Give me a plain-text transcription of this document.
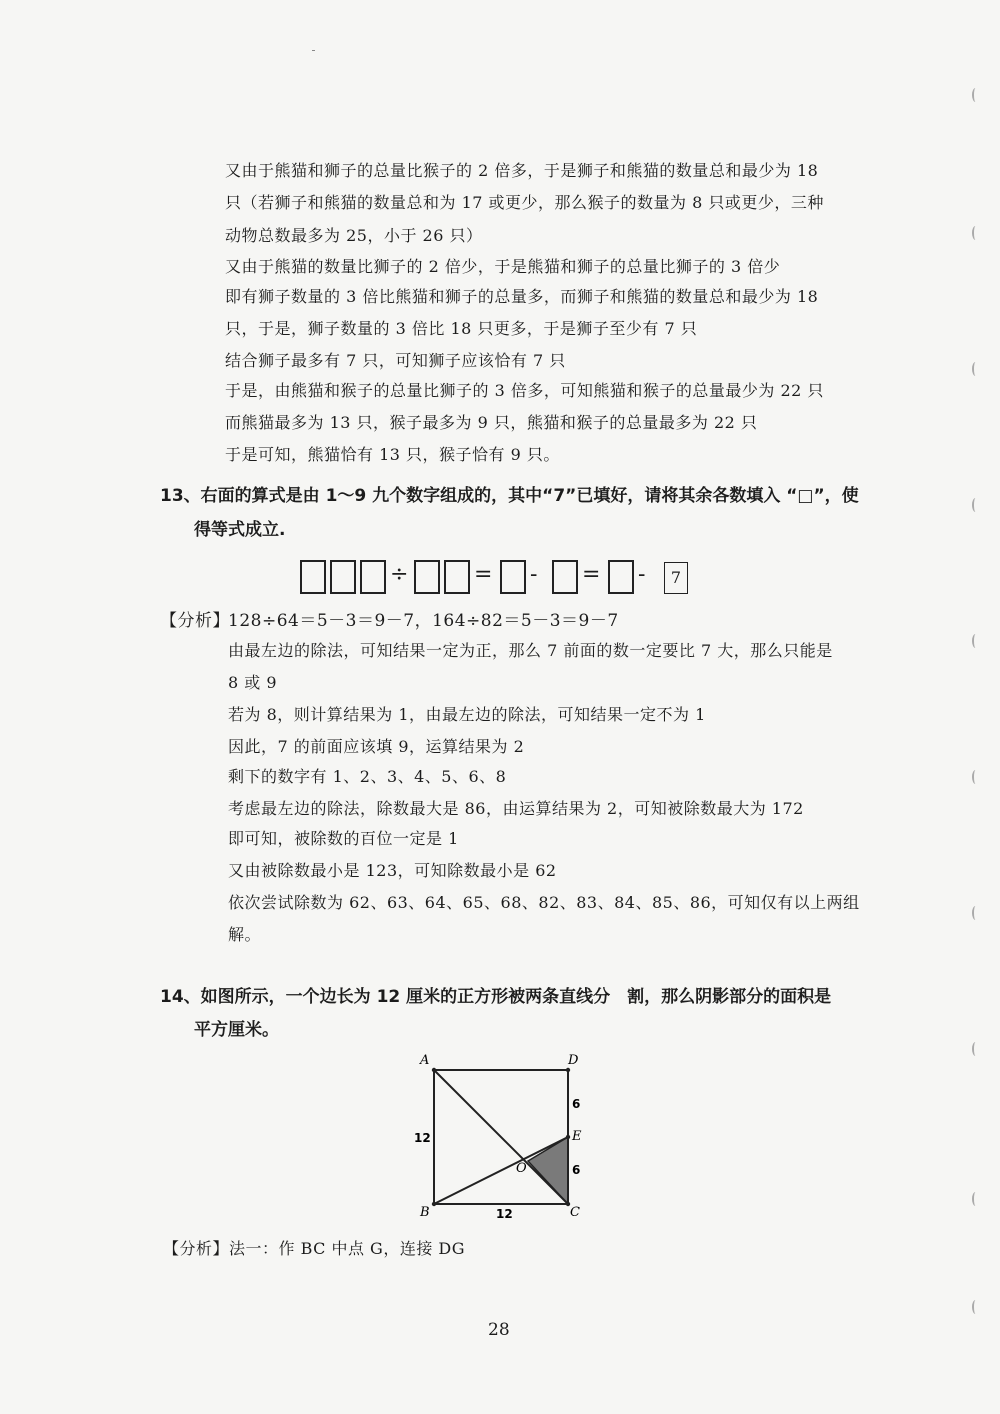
又由于熊猫和狮子的总量比猴子的 2 倍多，于是狮子和熊猫的数量总和最少为 18
只（若狮子和熊猫的数量总和为 17 或更少，那么猴子的数量为 8 只或更少，三种
动物总数最多为 25，小于 26 只）
又由于熊猫的数量比狮子的 2 倍少，于是熊猫和狮子的总量比狮子的 3 倍少
即有狮子数量的 3 倍比熊猫和狮子的总量多，而狮子和熊猫的数量总和最少为 18
只，于是，狮子数量的 3 倍比 18 只更多，于是狮子至少有 7 只
结合狮子最多有 7 只，可知狮子应该恰有 7 只
于是，由熊猫和猴子的总量比狮子的 3 倍多，可知熊猫和猴子的总量最少为 22 只
而熊猫最多为 13 只，猴子最多为 9 只，熊猫和猴子的总量最多为 22 只
于是可知，熊猫恰有 13 只，猴子恰有 9 只。
13、右面的算式是由 1～9 九个数字组成的，其中“7”已填好，请将其余各数填入 “□”，使
得等式成立.
÷	= - = -	7
【分析】
128÷64＝5－3＝9－7，164÷82＝5－3＝9－7
由最左边的除法，可知结果一定为正，那么 7 前面的数一定要比 7 大，那么只能是
8 或 9
若为 8，则计算结果为 1，由最左边的除法，可知结果一定不为 1
因此，7 的前面应该填 9，运算结果为 2
剩下的数字有 1、2、3、4、5、6、8
考虑最左边的除法，除数最大是 86，由运算结果为 2，可知被除数最大为 172
即可知，被除数的百位一定是 1
又由被除数最小是 123，可知除数最小是 62
依次尝试除数为 62、63、64、65、68、82、83、84、85、86，可知仅有以上两组
解。
14、如图所示，一个边长为 12 厘米的正方形被两条直线分　割，那么阴影部分的面积是
平方厘米。
A	D
B	C
E
O
12
12
6
6
【分析】法一：作 BC 中点 G，连接 DG
28
